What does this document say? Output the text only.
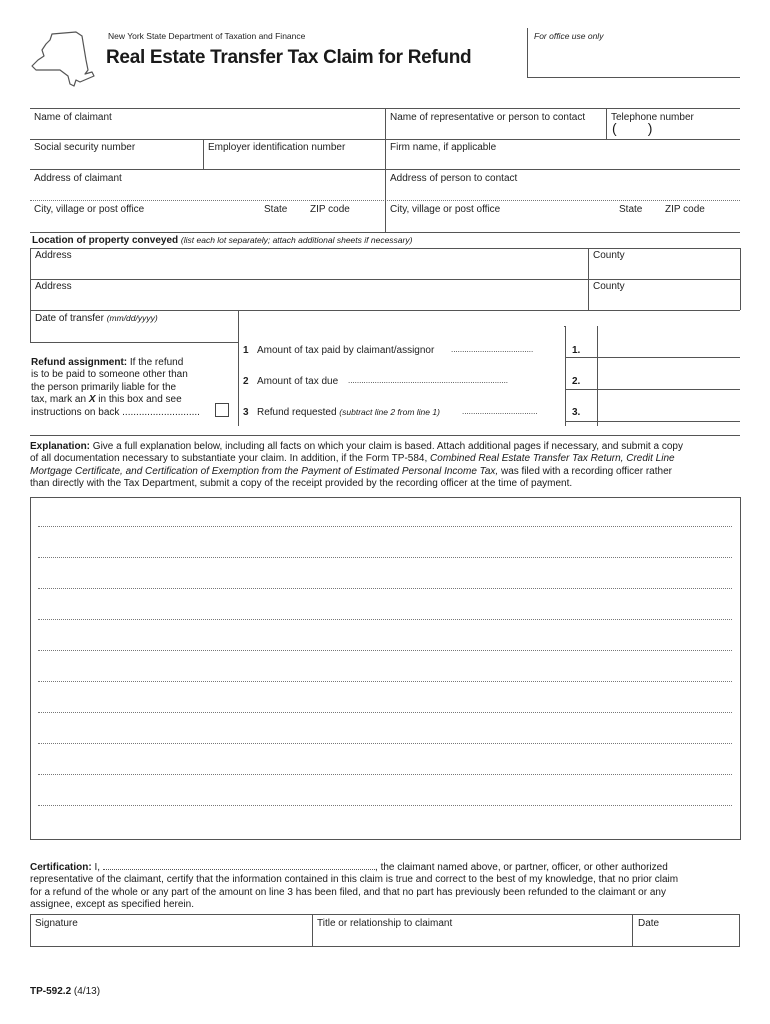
New York State Department of Taxation and Finance
Real Estate Transfer Tax Claim for Refund
For office use only
Name of claimant	Name of representative or person to contact	Telephone number
(        )
Social security number	Employer identification number	Firm name, if applicable
Address of claimant	Address of person to contact
City, village or post office	State ZIP code	City, village or post office	State ZIP code
Location of property conveyed (list each lot separately; attach additional sheets if necessary)
Address	County
Address	County
Date of transfer (mm/dd/yyyy)
Refund assignment: If the refund
is to be paid to someone other than
the person primarily liable for the
tax, mark an X in this box and see
instructions on back ............................
1 Amount of tax paid by claimant/assignor .....................................	1.
2 Amount of tax due ........................................................................	2.
3 Refund requested (subtract line 2 from line 1)	..................................	3.
Explanation: Give a full explanation below, including all facts on which your claim is based. Attach additional pages if necessary, and submit a copy
of all documentation necessary to substantiate your claim. In addition, if the Form TP-584, Combined Real Estate Transfer Tax Return, Credit Line
Mortgage Certificate, and Certification of Exemption from the Payment of Estimated Personal Income Tax, was filed with a recording officer rather
than directly with the Tax Department, submit a copy of the receipt provided by the recording officer at the time of payment.
Certification: I,	, the claimant named above, or partner, officer, or other authorized
representative of the claimant, certify that the information contained in this claim is true and correct to the best of my knowledge, that no prior claim
for a refund of the whole or any part of the amount on line 3 has been filed, and that no part has previously been refunded to the claimant or any
assignee, except as specified herein.
Signature	Title or relationship to claimant	Date
TP-592.2 (4/13)
